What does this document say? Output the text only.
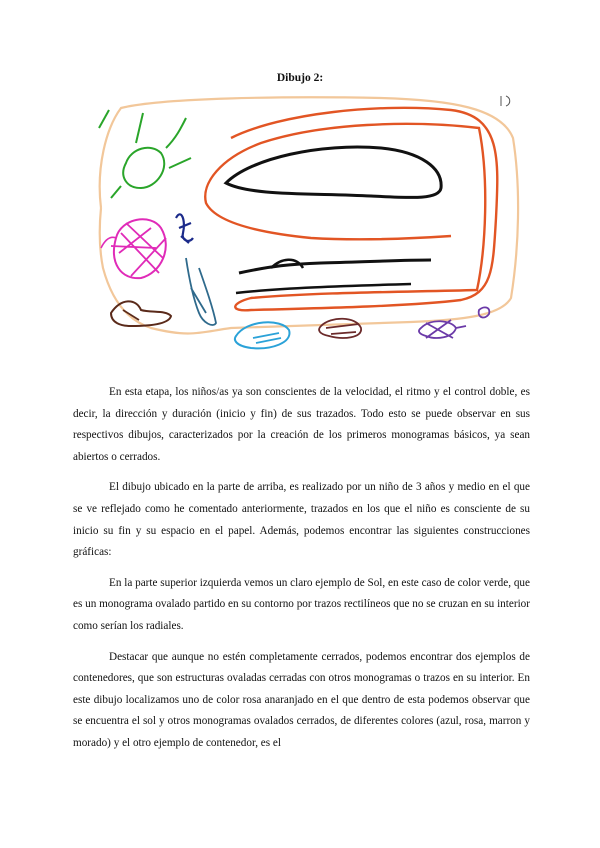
Dibujo 2:

En esta etapa, los niños/as ya son conscientes de la velocidad, el ritmo y el control doble, es decir, la dirección y duración (inicio y fin) de sus trazados. Todo esto se puede observar en sus respectivos dibujos, caracterizados por la creación de los primeros monogramas básicos, ya sean abiertos o cerrados.

El dibujo ubicado en la parte de arriba, es realizado por un niño de 3 años y medio en el que se ve reflejado como he comentado anteriormente, trazados en los que el niño es consciente de su inicio su fin y su espacio en el papel. Además, podemos encontrar las siguientes construcciones gráficas:

En la parte superior izquierda vemos un claro ejemplo de Sol, en este caso de color verde, que es un monograma ovalado partido en su contorno por trazos rectilíneos que no se cruzan en su interior como serían los radiales.

Destacar que aunque no estén completamente cerrados, podemos encontrar dos ejemplos de contenedores, que son estructuras ovaladas cerradas con otros monogramas o trazos en su interior. En este dibujo localizamos uno de color rosa anaranjado en el que dentro de esta podemos observar que se encuentra el sol y otros monogramas ovalados cerrados, de diferentes colores (azul, rosa, marron y morado) y el otro ejemplo de contenedor, es el
